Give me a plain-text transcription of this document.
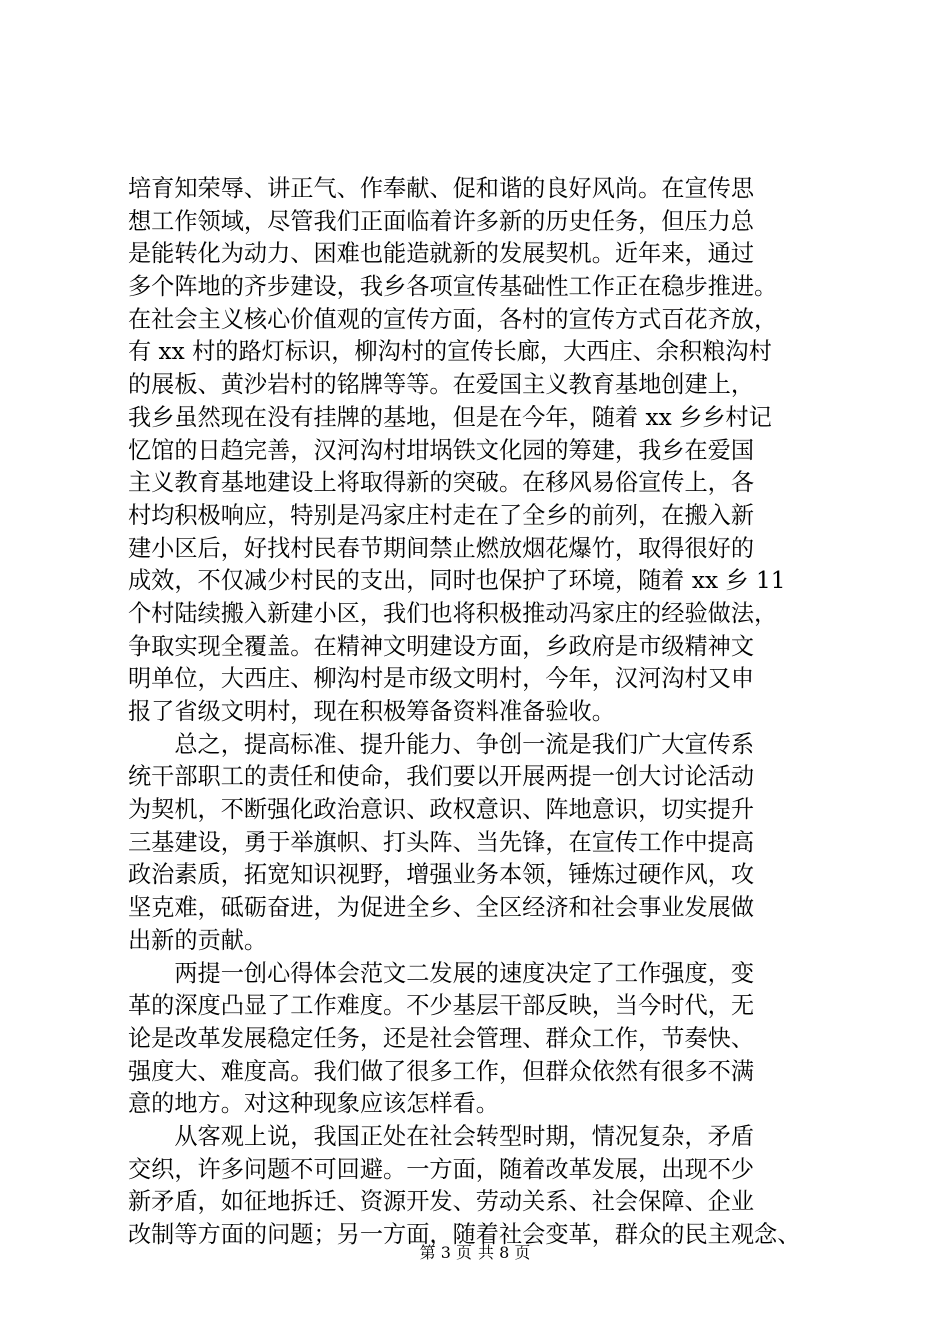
培育知荣辱、讲正气、作奉献、促和谐的良好风尚。在宣传思
想工作领域，尽管我们正面临着许多新的历史任务，但压力总
是能转化为动力、困难也能造就新的发展契机。近年来，通过
多个阵地的齐步建设，我乡各项宣传基础性工作正在稳步推进。
在社会主义核心价值观的宣传方面，各村的宣传方式百花齐放，
有 xx 村的路灯标识，柳沟村的宣传长廊，大西庄、余积粮沟村
的展板、黄沙岩村的铭牌等等。在爱国主义教育基地创建上，
我乡虽然现在没有挂牌的基地，但是在今年，随着 xx 乡乡村记
忆馆的日趋完善，汉河沟村坩埚铁文化园的筹建，我乡在爱国
主义教育基地建设上将取得新的突破。在移风易俗宣传上，各
村均积极响应，特别是冯家庄村走在了全乡的前列，在搬入新
建小区后，好找村民春节期间禁止燃放烟花爆竹，取得很好的
成效，不仅减少村民的支出，同时也保护了环境，随着 xx 乡 11
个村陆续搬入新建小区，我们也将积极推动冯家庄的经验做法，
争取实现全覆盖。在精神文明建设方面，乡政府是市级精神文
明单位，大西庄、柳沟村是市级文明村，今年，汉河沟村又申
报了省级文明村，现在积极筹备资料准备验收。
　　总之，提高标准、提升能力、争创一流是我们广大宣传系
统干部职工的责任和使命，我们要以开展两提一创大讨论活动
为契机，不断强化政治意识、政权意识、阵地意识，切实提升
三基建设，勇于举旗帜、打头阵、当先锋，在宣传工作中提高
政治素质，拓宽知识视野，增强业务本领，锤炼过硬作风，攻
坚克难，砥砺奋进，为促进全乡、全区经济和社会事业发展做
出新的贡献。
　　两提一创心得体会范文二发展的速度决定了工作强度，变
革的深度凸显了工作难度。不少基层干部反映，当今时代，无
论是改革发展稳定任务，还是社会管理、群众工作，节奏快、
强度大、难度高。我们做了很多工作，但群众依然有很多不满
意的地方。对这种现象应该怎样看。
　　从客观上说，我国正处在社会转型时期，情况复杂，矛盾
交织，许多问题不可回避。一方面，随着改革发展，出现不少
新矛盾，如征地拆迁、资源开发、劳动关系、社会保障、企业
改制等方面的问题；另一方面，随着社会变革，群众的民主观念、
第 3 页 共 8 页
